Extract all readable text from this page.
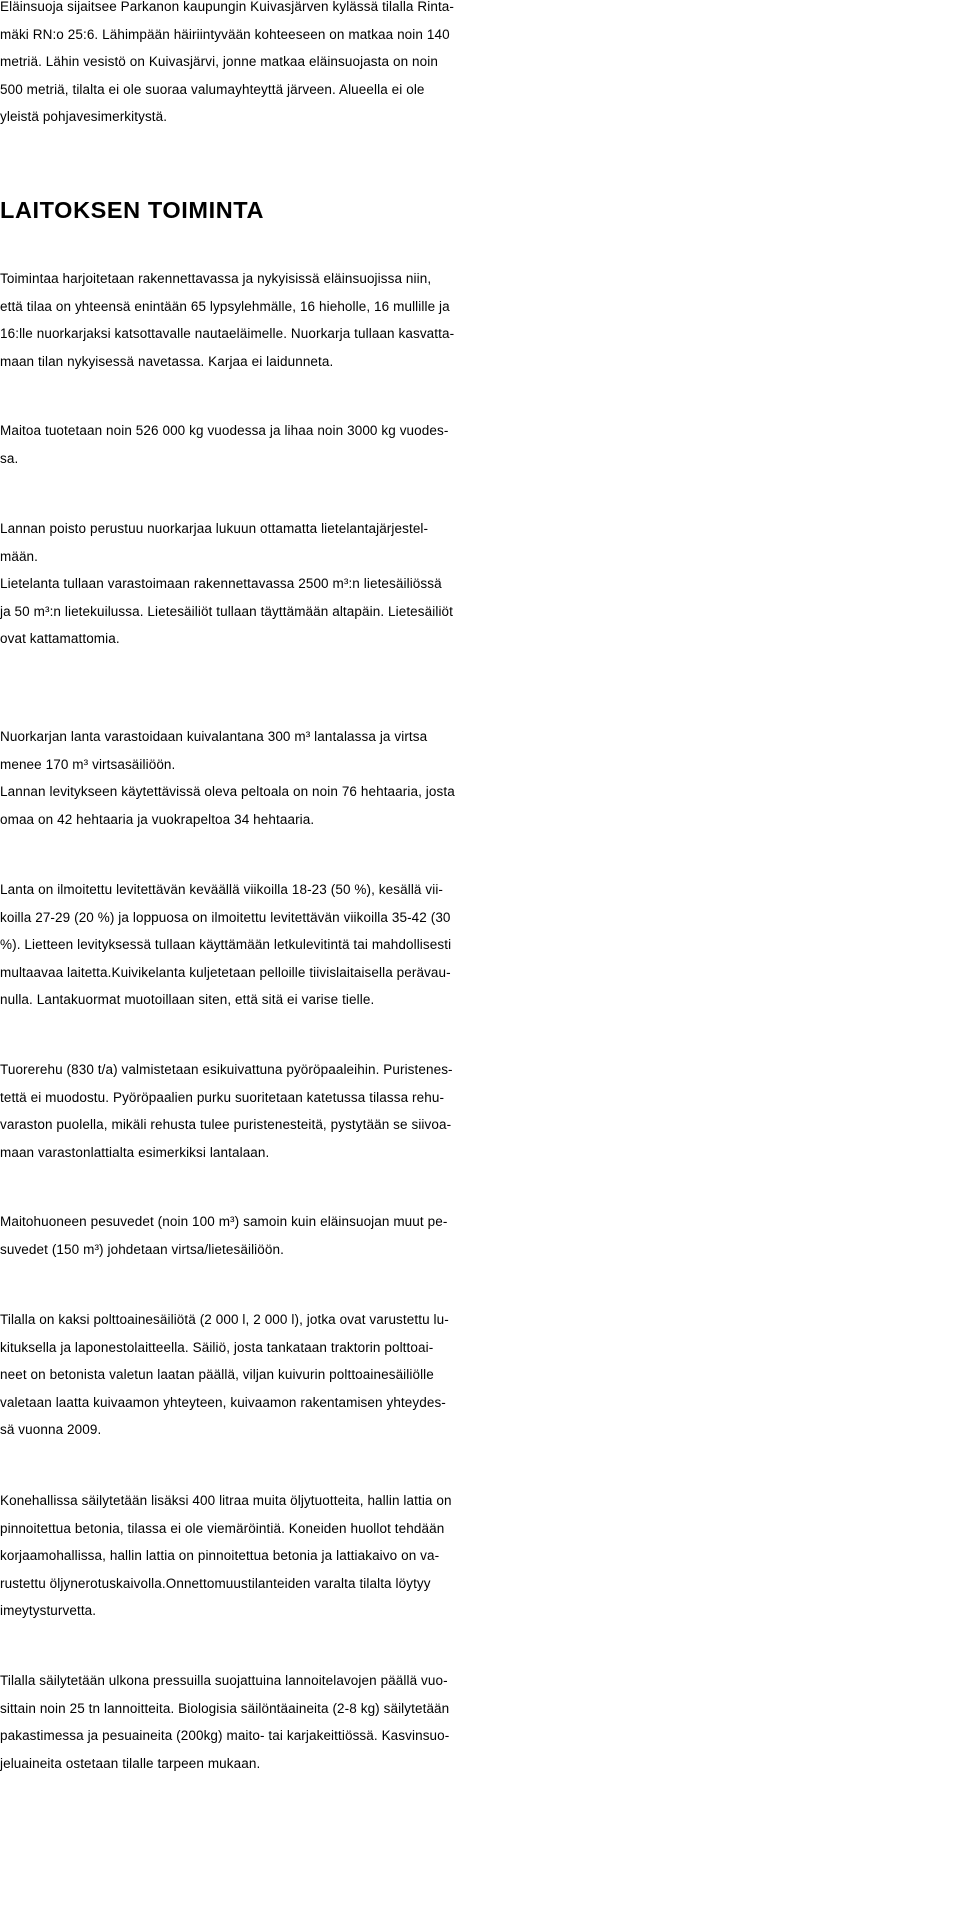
Eläinsuoja sijaitsee Parkanon kaupungin Kuivasjärven kylässä tilalla Rinta-
mäki RN:o 25:6. Lähimpään häiriintyvään kohteeseen on matkaa noin 140
metriä. Lähin vesistö on Kuivasjärvi, jonne matkaa eläinsuojasta on noin
500 metriä, tilalta ei ole suoraa valumayhteyttä järveen. Alueella ei ole
yleistä pohjavesimerkitystä.
LAITOKSEN TOIMINTA
Toimintaa harjoitetaan rakennettavassa ja nykyisissä eläinsuojissa niin,
että tilaa on yhteensä enintään 65 lypsylehmälle, 16 hieholle, 16 mullille ja
16:lle nuorkarjaksi katsottavalle nautaeläimelle. Nuorkarja tullaan kasvatta-
maan tilan nykyisessä navetassa. Karjaa ei laidunneta.
Maitoa tuotetaan noin 526 000 kg vuodessa ja lihaa noin 3000 kg vuodes-
sa.
Lannan poisto perustuu nuorkarjaa lukuun ottamatta lietelantajärjestel-
mään.
Lietelanta tullaan varastoimaan rakennettavassa 2500 m³:n lietesäiliössä
ja 50 m³:n lietekuilussa. Lietesäiliöt tullaan täyttämään altapäin. Lietesäiliöt
ovat kattamattomia.
Nuorkarjan lanta varastoidaan kuivalantana 300 m³ lantalassa ja virtsa
menee 170 m³ virtsasäiliöön.
Lannan levitykseen käytettävissä oleva peltoala on noin 76 hehtaaria, josta
omaa on 42 hehtaaria ja vuokrapeltoa 34 hehtaaria.
Lanta on ilmoitettu levitettävän keväällä viikoilla 18-23 (50 %), kesällä vii-
koilla 27-29 (20 %) ja loppuosa on ilmoitettu levitettävän viikoilla 35-42 (30
%). Lietteen levityksessä tullaan käyttämään letkulevitintä tai mahdollisesti
multaavaa laitetta.Kuivikelanta kuljetetaan pelloille tiivislaitaisella perävau-
nulla. Lantakuormat muotoillaan siten, että sitä ei varise tielle.
Tuorerehu (830 t/a) valmistetaan esikuivattuna pyöröpaaleihin. Puristenes-
tettä ei muodostu. Pyöröpaalien purku suoritetaan katetussa tilassa rehu-
varaston puolella, mikäli rehusta tulee puristenesteitä, pystytään se siivoa-
maan varastonlattialta esimerkiksi lantalaan.
Maitohuoneen pesuvedet (noin 100 m³) samoin kuin eläinsuojan muut pe-
suvedet (150 m³) johdetaan virtsa/lietesäiliöön.
Tilalla on kaksi polttoainesäiliötä (2 000 l, 2 000 l), jotka ovat varustettu lu-
kituksella ja laponestolaitteella. Säiliö, josta tankataan traktorin polttoai-
neet on betonista valetun laatan päällä, viljan kuivurin polttoainesäiliölle
valetaan laatta kuivaamon yhteyteen, kuivaamon rakentamisen yhteydes-
sä vuonna 2009.
Konehallissa säilytetään lisäksi 400 litraa muita öljytuotteita, hallin lattia on
pinnoitettua betonia, tilassa ei ole viemäröintiä. Koneiden huollot tehdään
korjaamohallissa, hallin lattia on pinnoitettua betonia ja lattiakaivo on va-
rustettu öljynerotuskaivolla.Onnettomuustilanteiden varalta tilalta löytyy
imeytysturvetta.
Tilalla säilytetään ulkona pressuilla suojattuina lannoitelavojen päällä vuo-
sittain noin 25 tn lannoitteita. Biologisia säilöntäaineita (2-8 kg) säilytetään
pakastimessa ja pesuaineita (200kg) maito- tai karjakeittiössä. Kasvinsuo-
jeluaineita ostetaan tilalle tarpeen mukaan.
